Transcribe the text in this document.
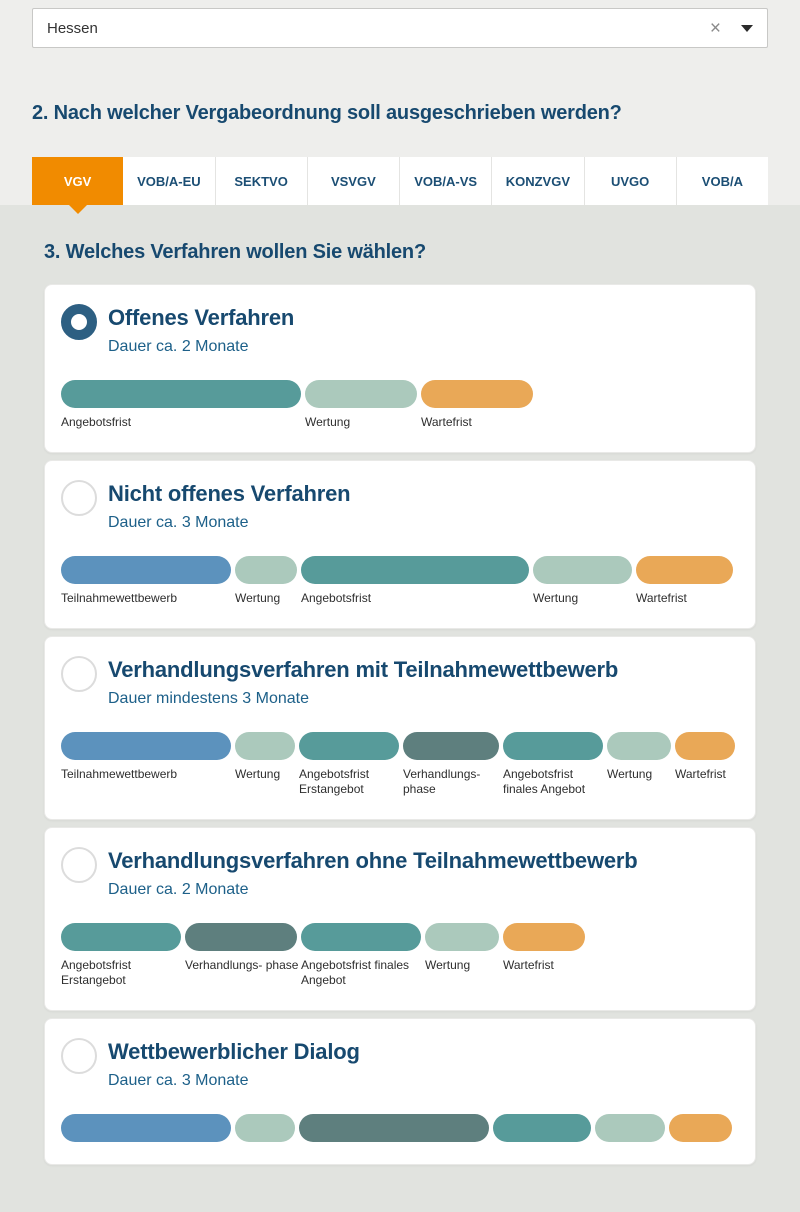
Hessen	×
2. Nach welcher Vergabeordnung soll ausgeschrieben werden?
VGV	VOB/A-EU	SEKTVO	VSVGV	VOB/A-VS KONZVGV	UVGO	VOB/A
3. Welches Verfahren wollen Sie wählen?
Offenes Verfahren
Dauer ca. 2 Monate
Angebotsfrist	Wertung	Wartefrist
Nicht offenes Verfahren
Dauer ca. 3 Monate
Teilnahmewettbewerb	Wertung	Angebotsfrist	Wertung	Wartefrist
Verhandlungsverfahren mit Teilnahmewettbewerb
Dauer mindestens 3 Monate
Teilnahmewettbewerb	Wertung	Angebotsfrist
Erstangebot
Verhandlungs-
phase
Angebotsfrist
finales Angebot
Wertung	Wartefrist
Verhandlungsverfahren ohne Teilnahmewettbewerb
Dauer ca. 2 Monate
Angebotsfrist
Erstangebot
Verhandlungs- phase Angebotsfrist finales
Angebot
Wertung	Wartefrist
Wettbewerblicher Dialog
Dauer ca. 3 Monate
